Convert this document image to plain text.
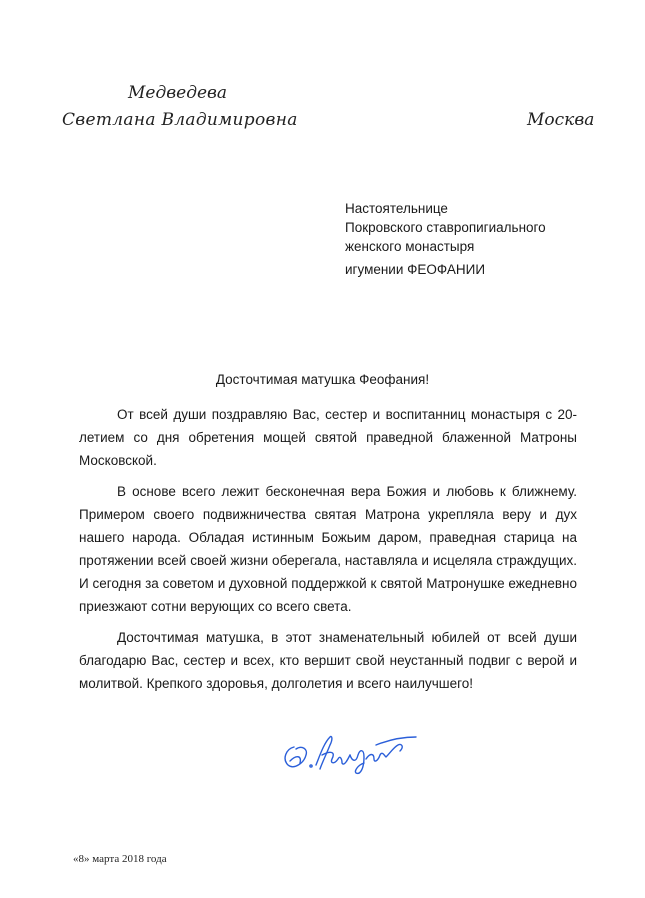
Медведева
Светлана Владимировна	Москва
Настоятельнице
Покровского ставропигиального
женского монастыря
игумении ФЕОФАНИИ
Досточтимая матушка Феофания!

От всей души поздравляю Вас, сестер и воспитанниц монастыря с 20-летием со дня обретения мощей святой праведной блаженной Матроны Московской.

В основе всего лежит бесконечная вера Божия и любовь к ближнему. Примером своего подвижничества святая Матрона укрепляла веру и дух нашего народа. Обладая истинным Божьим даром, праведная старица на протяжении всей своей жизни оберегала, наставляла и исцеляла страждущих. И сегодня за советом и духовной поддержкой к святой Матронушке ежедневно приезжают сотни верующих со всего света.

Досточтимая матушка, в этот знаменательный юбилей от всей души благодарю Вас, сестер и всех, кто вершит свой неустанный подвиг с верой и молитвой. Крепкого здоровья, долголетия и всего наилучшего!

«8» марта 2018 года
